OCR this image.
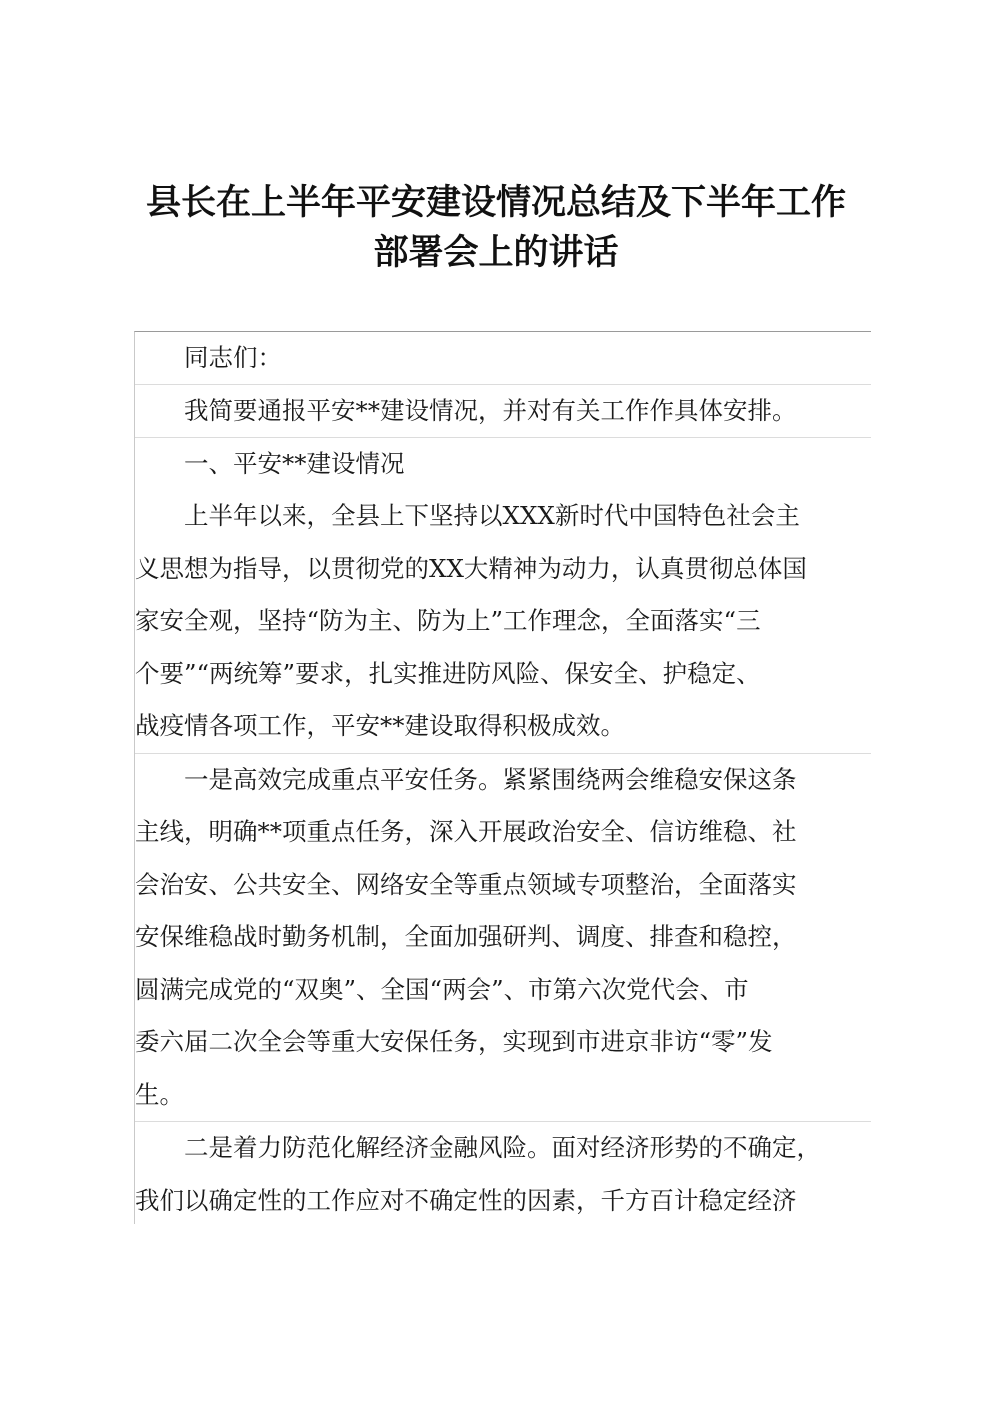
县长在上半年平安建设情况总结及下半年工作
部署会上的讲话
同志们：
我简要通报平安**建设情况，并对有关工作作具体安排。
一、平安**建设情况
上半年以来，全县上下坚持以XXX新时代中国特色社会主
义思想为指导，以贯彻党的XX大精神为动力，认真贯彻总体国
家安全观，坚持“防为主、防为上”工作理念，全面落实“三
个要”“两统筹”要求，扎实推进防风险、保安全、护稳定、
战疫情各项工作，平安**建设取得积极成效。
一是高效完成重点平安任务。紧紧围绕两会维稳安保这条
主线，明确**项重点任务，深入开展政治安全、信访维稳、社
会治安、公共安全、网络安全等重点领域专项整治，全面落实
安保维稳战时勤务机制，全面加强研判、调度、排查和稳控，
圆满完成党的“双奥”、全国“两会”、市第六次党代会、市
委六届二次全会等重大安保任务，实现到市进京非访“零”发
生。
二是着力防范化解经济金融风险。面对经济形势的不确定，
我们以确定性的工作应对不确定性的因素，千方百计稳定经济
